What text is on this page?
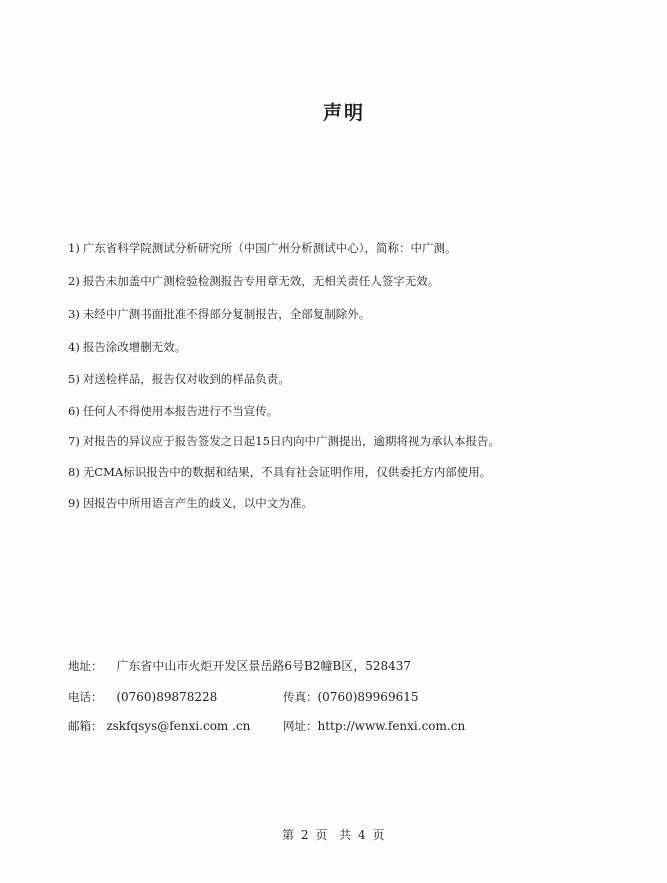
声明
1) 广东省科学院测试分析研究所（中国广州分析测试中心），简称：中广测。
2) 报告未加盖中广测检验检测报告专用章无效，无相关责任人签字无效。
3) 未经中广测书面批准不得部分复制报告，全部复制除外。
4) 报告涂改增删无效。
5) 对送检样品，报告仅对收到的样品负责。
6) 任何人不得使用本报告进行不当宣传。
7) 对报告的异议应于报告签发之日起15日内向中广测提出，逾期将视为承认本报告。
8) 无CMA标识报告中的数据和结果，不具有社会证明作用，仅供委托方内部使用。
9) 因报告中所用语言产生的歧义，以中文为准。
地址： 广东省中山市火炬开发区景岳路6号B2幢B区，528437
电话： (0760)89878228	传真：(0760)89969615
邮箱： zskfqsys@fenxi.com .cn	网址：http://www.fenxi.com.cn
第 2 页 共 4 页
